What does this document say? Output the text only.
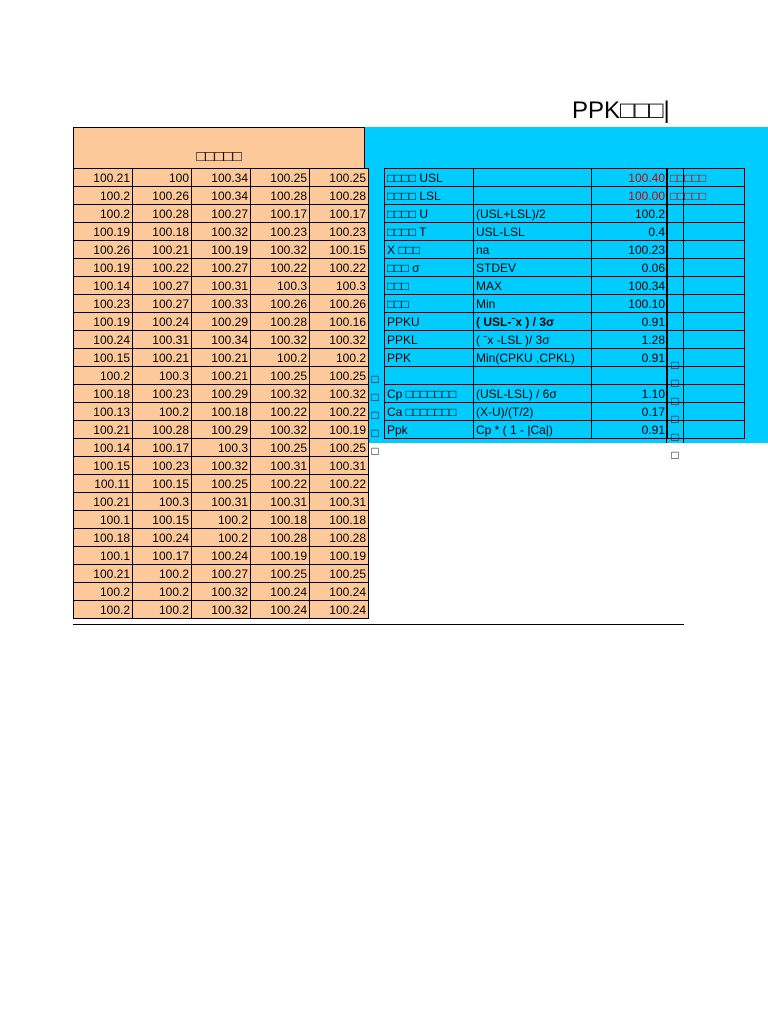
PPK□□□|
□□□□□
100.21	100	100.34	100.25	100.25
100.2	100.26	100.34	100.28	100.28
100.2	100.28	100.27	100.17	100.17
100.19	100.18	100.32	100.23	100.23
100.26	100.21	100.19	100.32	100.15
100.19	100.22	100.27	100.22	100.22
100.14	100.27	100.31	100.3	100.3
100.23	100.27	100.33	100.26	100.26
100.19	100.24	100.29	100.28	100.16
100.24	100.31	100.34	100.32	100.32
100.15	100.21	100.21	100.2	100.2
100.2	100.3	100.21	100.25	100.25
100.18	100.23	100.29	100.32	100.32
100.13	100.2	100.18	100.22	100.22
100.21	100.28	100.29	100.32	100.19
100.14	100.17	100.3	100.25	100.25
100.15	100.23	100.32	100.31	100.31
100.11	100.15	100.25	100.22	100.22
100.21	100.3	100.31	100.31	100.31
100.1	100.15	100.2	100.18	100.18
100.18	100.24	100.2	100.28	100.28
100.1	100.17	100.24	100.19	100.19
100.21	100.2	100.27	100.25	100.25
100.2	100.2	100.32	100.24	100.24
100.2	100.2	100.32	100.24	100.24
□
□
□
□
□
□□□□ USL		100.40	□□□□□
□□□□ LSL		100.00	□□□□□
□□□□ U	(USL+LSL)/2	100.2	
□□□□ T	USL-LSL	0.4	
X □□□	na	100.23	
□□□ σ	STDEV	0.06	
□□□	MAX	100.34	
□□□	Min	100.10	
PPKU	( USL-ˉx ) / 3σ	0.91	
PPKL	( ˉx -LSL )/ 3σ	1.28	
PPK	Min(CPKU ,CPKL)	0.91	

Cp □□□□□□□	(USL-LSL) / 6σ	1.10	
Ca □□□□□□□	(X-U)/(T/2)	0.17	
Ppk	Cp * ( 1 - |Ca|)	0.91	
□
□
□
□
□
□
